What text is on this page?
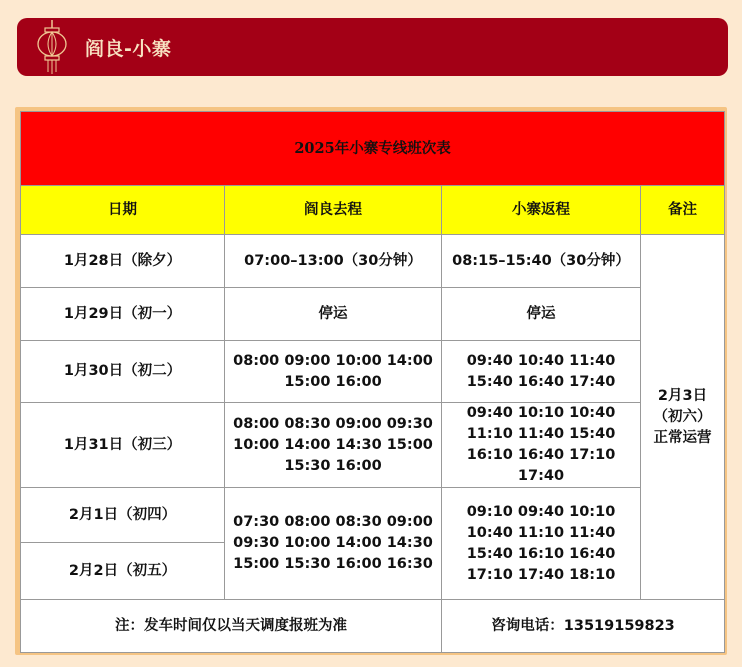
阎良-小寨
2025年小寨专线班次表			
日期	阎良去程	小寨返程	备注
1月28日（除夕）	07:00–13:00（30分钟）	08:15–15:40（30分钟）	2月3日（初六）正常运营
1月29日（初一）	停运	停运	
1月30日（初二）	08:00 09:00 10:00 14:00 15:00 16:00	09:40 10:40 11:40 15:40 16:40 17:40	
1月31日（初三）	08:00 08:30 09:00 09:30 10:00 14:00 14:30 15:00 15:30 16:00	09:40 10:10 10:40 11:10 11:40 15:40 16:10 16:40 17:10 17:40	
2月1日（初四）	07:30 08:00 08:30 09:00 09:30 10:00 14:00 14:30 15:00 15:30 16:00 16:30	09:10 09:40 10:10 10:40 11:10 11:40 15:40 16:10 16:40 17:10 17:40 18:10	
2月2日（初五）			
注：发车时间仅以当天调度报班为准		咨询电话：13519159823	
